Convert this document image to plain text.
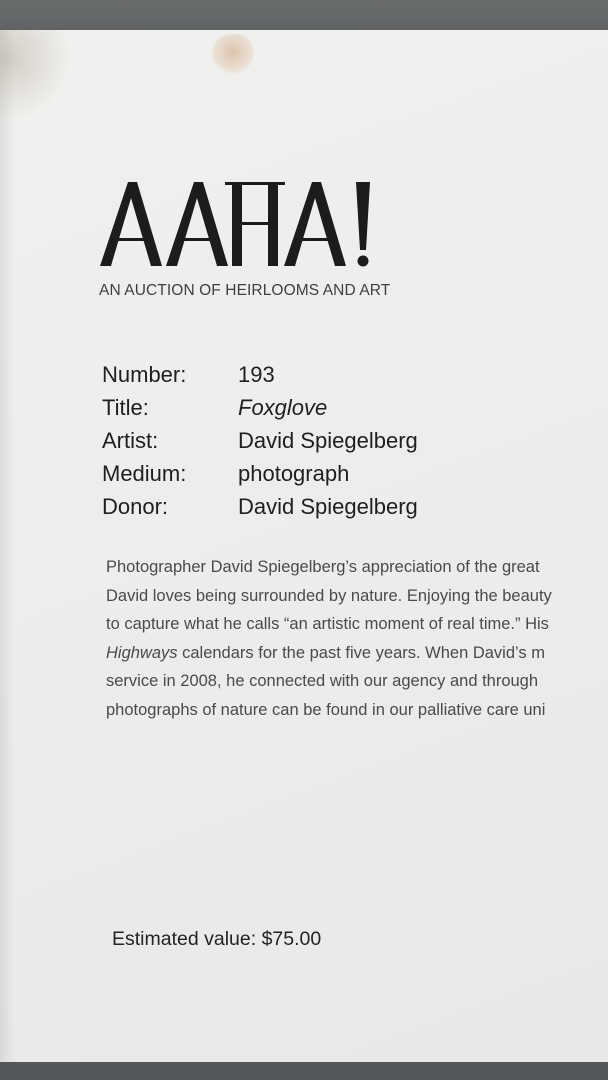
AN AUCTION OF HEIRLOOMS AND ART
Number: 193
Title:	Foxglove
Artist:	David Spiegelberg
Medium: photograph
Donor:	David Spiegelberg
Photographer David Spiegelberg’s appreciation of the great
David loves being surrounded by nature. Enjoying the beauty
to capture what he calls “an artistic moment of real time.” His
Highways calendars for the past five years. When David’s m
service in 2008, he connected with our agency and through
photographs of nature can be found in our palliative care uni
Estimated value: $75.00
